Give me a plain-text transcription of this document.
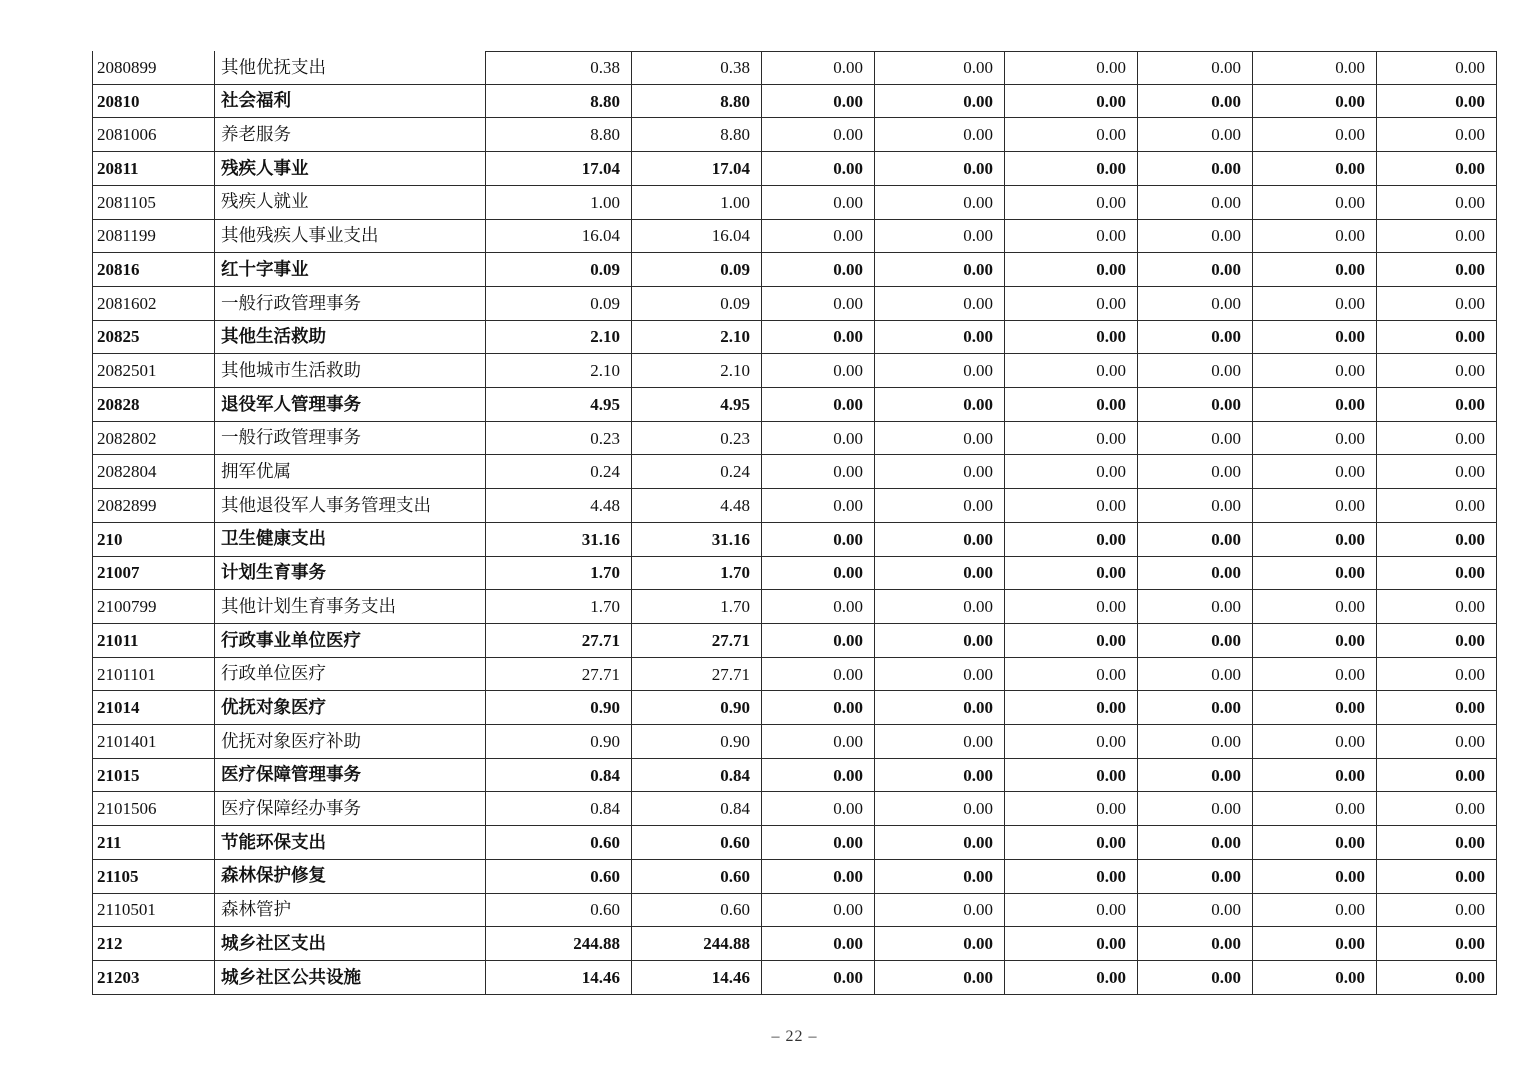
2080899	其他优抚支出	0.38	0.38	0.00	0.00	0.00	0.00	0.00	0.00
20810	社会福利	8.80	8.80	0.00	0.00	0.00	0.00	0.00	0.00
2081006	养老服务	8.80	8.80	0.00	0.00	0.00	0.00	0.00	0.00
20811	残疾人事业	17.04	17.04	0.00	0.00	0.00	0.00	0.00	0.00
2081105	残疾人就业	1.00	1.00	0.00	0.00	0.00	0.00	0.00	0.00
2081199	其他残疾人事业支出	16.04	16.04	0.00	0.00	0.00	0.00	0.00	0.00
20816	红十字事业	0.09	0.09	0.00	0.00	0.00	0.00	0.00	0.00
2081602	一般行政管理事务	0.09	0.09	0.00	0.00	0.00	0.00	0.00	0.00
20825	其他生活救助	2.10	2.10	0.00	0.00	0.00	0.00	0.00	0.00
2082501	其他城市生活救助	2.10	2.10	0.00	0.00	0.00	0.00	0.00	0.00
20828	退役军人管理事务	4.95	4.95	0.00	0.00	0.00	0.00	0.00	0.00
2082802	一般行政管理事务	0.23	0.23	0.00	0.00	0.00	0.00	0.00	0.00
2082804	拥军优属	0.24	0.24	0.00	0.00	0.00	0.00	0.00	0.00
2082899	其他退役军人事务管理支出	4.48	4.48	0.00	0.00	0.00	0.00	0.00	0.00
210	卫生健康支出	31.16	31.16	0.00	0.00	0.00	0.00	0.00	0.00
21007	计划生育事务	1.70	1.70	0.00	0.00	0.00	0.00	0.00	0.00
2100799	其他计划生育事务支出	1.70	1.70	0.00	0.00	0.00	0.00	0.00	0.00
21011	行政事业单位医疗	27.71	27.71	0.00	0.00	0.00	0.00	0.00	0.00
2101101	行政单位医疗	27.71	27.71	0.00	0.00	0.00	0.00	0.00	0.00
21014	优抚对象医疗	0.90	0.90	0.00	0.00	0.00	0.00	0.00	0.00
2101401	优抚对象医疗补助	0.90	0.90	0.00	0.00	0.00	0.00	0.00	0.00
21015	医疗保障管理事务	0.84	0.84	0.00	0.00	0.00	0.00	0.00	0.00
2101506	医疗保障经办事务	0.84	0.84	0.00	0.00	0.00	0.00	0.00	0.00
211	节能环保支出	0.60	0.60	0.00	0.00	0.00	0.00	0.00	0.00
21105	森林保护修复	0.60	0.60	0.00	0.00	0.00	0.00	0.00	0.00
2110501	森林管护	0.60	0.60	0.00	0.00	0.00	0.00	0.00	0.00
212	城乡社区支出	244.88	244.88	0.00	0.00	0.00	0.00	0.00	0.00
21203	城乡社区公共设施	14.46	14.46	0.00	0.00	0.00	0.00	0.00	0.00
– 22 –
